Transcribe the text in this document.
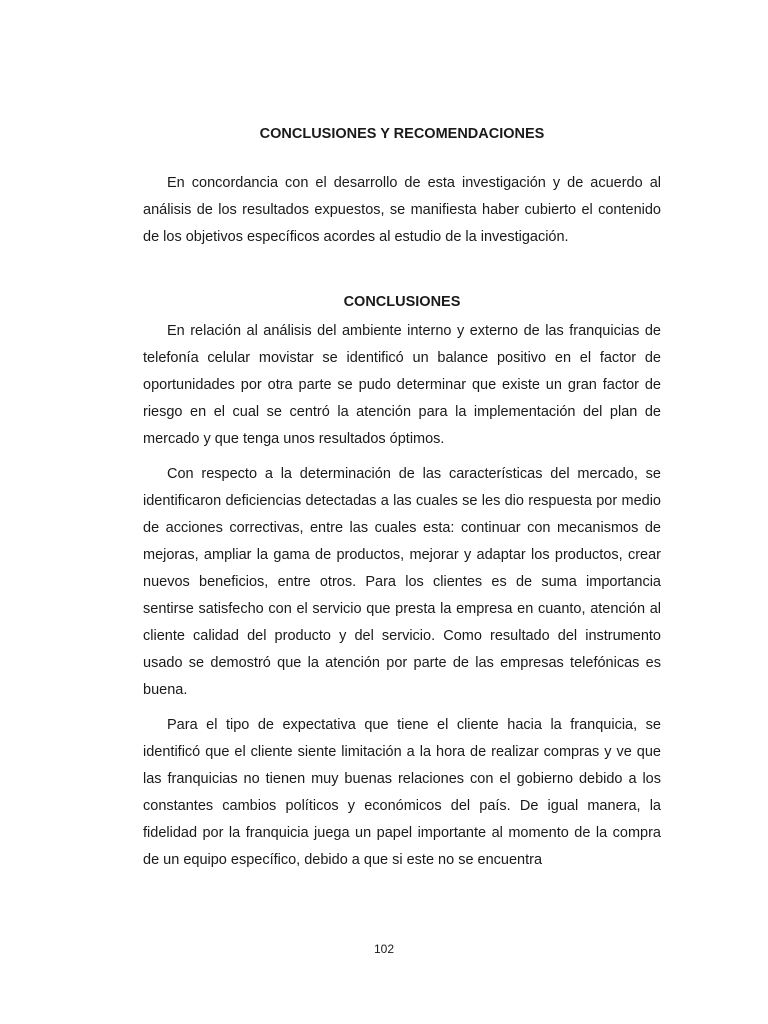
CONCLUSIONES Y RECOMENDACIONES

En concordancia con el desarrollo de esta investigación y de acuerdo al análisis de los resultados expuestos, se manifiesta haber cubierto el contenido de los objetivos específicos acordes al estudio de la investigación.

CONCLUSIONES

En relación al análisis del ambiente interno y externo de las franquicias de telefonía celular movistar se identificó un balance positivo en el factor de oportunidades por otra parte se pudo determinar que existe un gran factor de riesgo en el cual se centró la atención para la implementación del plan de mercado y que tenga unos resultados óptimos.

Con respecto a la determinación de las características del mercado, se identificaron deficiencias detectadas a las cuales se les dio respuesta por medio de acciones correctivas, entre las cuales esta: continuar con mecanismos de mejoras, ampliar la gama de productos, mejorar y adaptar los productos, crear nuevos beneficios, entre otros. Para los clientes es de suma importancia sentirse satisfecho con el servicio que presta la empresa en cuanto, atención al cliente calidad del producto y del servicio. Como resultado del instrumento usado se demostró que la atención por parte de las empresas telefónicas es buena.

Para el tipo de expectativa que tiene el cliente hacia la franquicia, se identificó que el cliente siente limitación a la hora de realizar compras y ve que las franquicias no tienen muy buenas relaciones con el gobierno debido a los constantes cambios políticos y económicos del país. De igual manera, la fidelidad por la franquicia juega un papel importante al momento de la compra de un equipo específico, debido a que si este no se encuentra

102
